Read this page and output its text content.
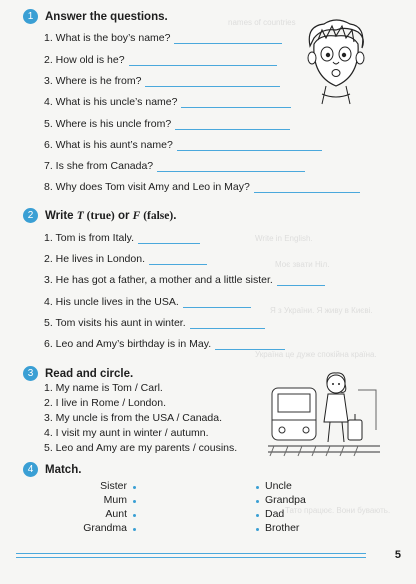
names of countries
Write in English.
Моє звати Ніл.
Я з України. Я живу в Києві.
Україна це дуже спокійна країна.
Тато працює. Вони бувають.
1	Answer the questions.
1. What is the boy’s name?
2. How old is he?
3. Where is he from?
4. What is his uncle’s name?
5. Where is his uncle from?
6. What is his aunt’s name?
7. Is she from Canada?
8. Why does Tom visit Amy and Leo in May?
2	Write T (true) or F (false).
1. Tom is from Italy.
2. He lives in London.
3. He has got a father, a mother and a little sister.
4. His uncle lives in the USA.
5. Tom visits his aunt in winter.
6. Leo and Amy’s birthday is in May.
3	Read and circle.
1. My name is Tom / Carl.
2. I live in Rome / London.
3. My uncle is from the USA / Canada.
4. I visit my aunt in winter / autumn.
5. Leo and Amy are my parents / cousins.
4	Match.
Sister
Mum
Aunt
Grandma
Uncle
Grandpa
Dad
Brother
5
